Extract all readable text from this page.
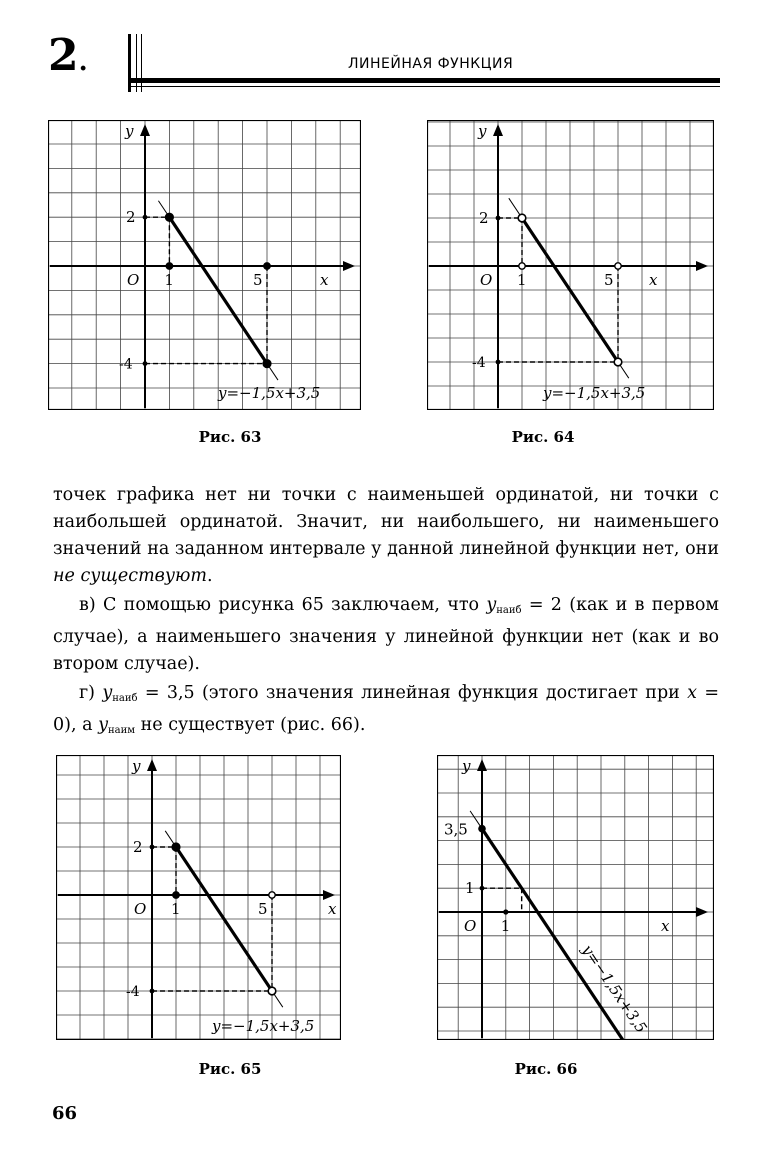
2.	ЛИНЕЙНАЯ ФУНКЦИЯ
x
y
O 1	5
2
-4
y=−1,5x+3,5
Рис. 63
x
y
O 1	5
2
-4
y=−1,5x+3,5
Рис. 64

точек графика нет ни точки с наименьшей ординатой, ни точки с наибольшей ординатой. Значит, ни наибольшего, ни наименьшего значений на заданном интервале у данной линейной функции нет, они не существуют.

в) С помощью рисунка 65 заключаем, что $y_{наиб} = 2$ (как и в первом случае), а наименьшего значения у линейной функции нет (как и во втором случае).

г) $y_{наиб} = 3,5$ (этого значения линейная функция достигает при x = 0), а $y_{наим}$ не существует (рис. 66).

x
y
O 1	5
2
-4
y=−1,5x+3,5
Рис. 65
x
y
O 1
3,5
1
y=−1,5x+3,5
Рис. 66
66
